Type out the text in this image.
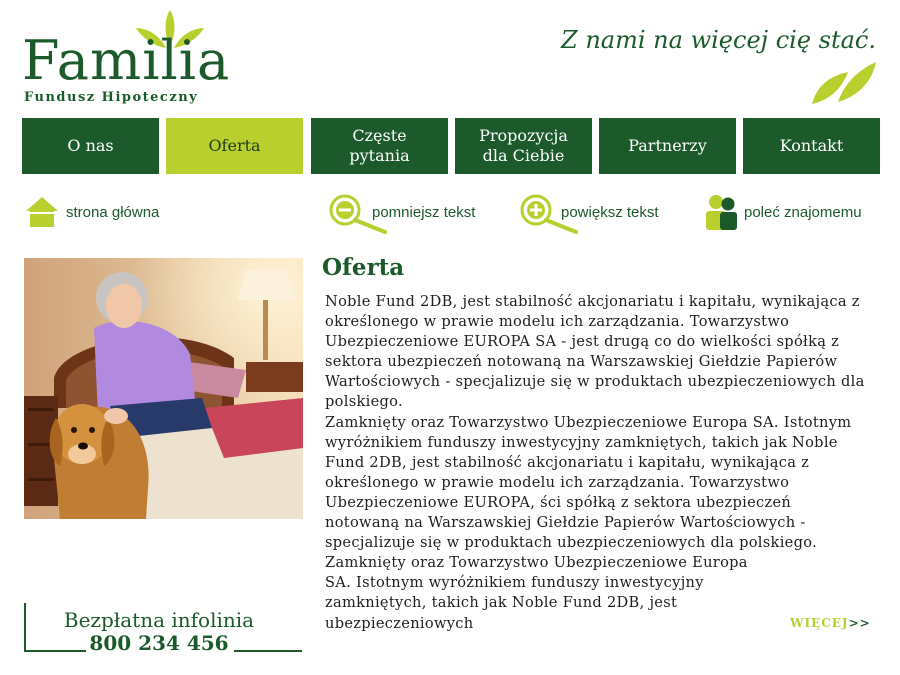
Familia
Fundusz Hipoteczny
Z nami na więcej cię stać.
O nas	Oferta
Częste pytania
Propozycja dla Ciebie
Partnerzy	Kontakt
strona główna	pomniejsz tekst	powiększ tekst	poleć znajomemu
Oferta

Noble Fund 2DB, jest stabilność akcjonariatu i kapitału, wynikająca z określonego w prawie modelu ich zarządzania. Towarzystwo Ubezpieczeniowe EUROPA SA - jest drugą co do wielkości spółką z sektora ubezpieczeń notowaną na Warszawskiej Giełdzie Papierów Wartościowych - specjalizuje się w produktach ubezpieczeniowych dla polskiego.

Zamknięty oraz Towarzystwo Ubezpieczeniowe Europa SA. Istotnym wyróżnikiem funduszy inwestycyjny zamkniętych, takich jak Noble Fund 2DB, jest stabilność akcjonariatu i kapitału, wynikająca z określonego w prawie modelu ich zarządzania. Towarzystwo Ubezpieczeniowe EUROPA, ści spółką z sektora ubezpieczeń notowaną na Warszawskiej Giełdzie Papierów Wartościowych - specjalizuje się w produktach ubezpieczeniowych dla polskiego.

Zamknięty oraz Towarzystwo Ubezpieczeniowe Europa SA. Istotnym wyróżnikiem funduszy inwestycyjny zamkniętych, takich jak Noble Fund 2DB, jest ubezpieczeniowych	WIĘCEJ>>
Bezpłatna infolinia
800 234 456
